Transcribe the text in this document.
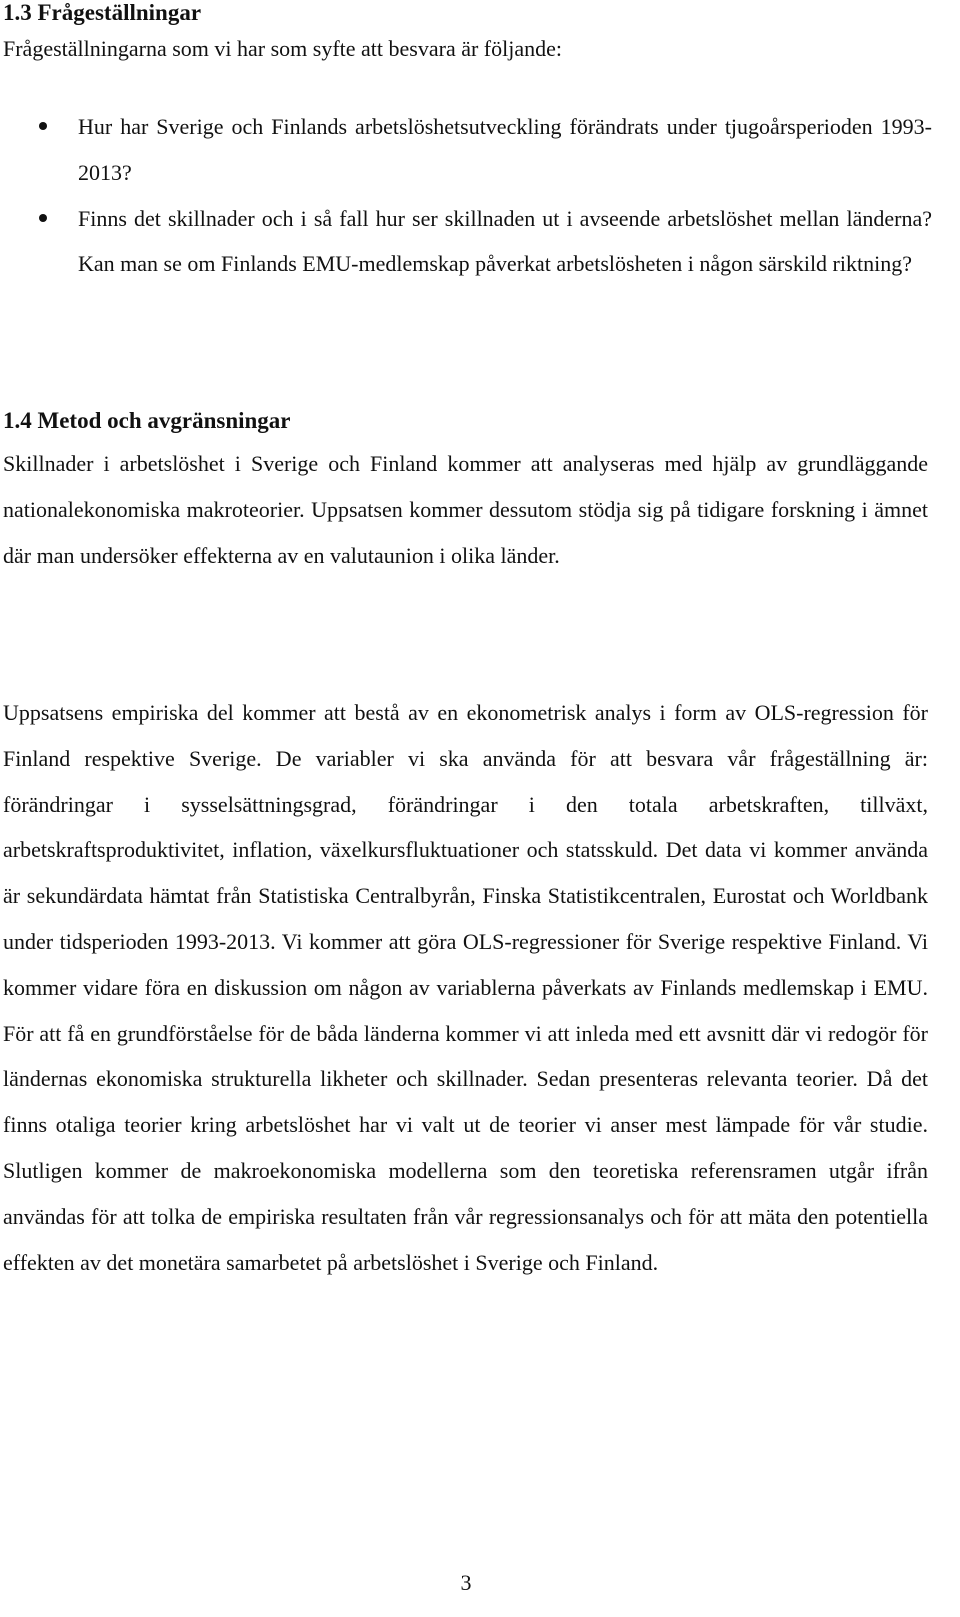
1.3 Frågeställningar

Frågeställningarna som vi har som syfte att besvara är följande:

Hur har Sverige och Finlands arbetslöshetsutveckling förändrats under tjugoårsperioden 1993-2013?
Finns det skillnader och i så fall hur ser skillnaden ut i avseende arbetslöshet mellan länderna? Kan man se om Finlands EMU-medlemskap påverkat arbetslösheten i någon särskild riktning?
1.4 Metod och avgränsningar

Skillnader i arbetslöshet i Sverige och Finland kommer att analyseras med hjälp av grundläggande nationalekonomiska makroteorier. Uppsatsen kommer dessutom stödja sig på tidigare forskning i ämnet där man undersöker effekterna av en valutaunion i olika länder.

Uppsatsens empiriska del kommer att bestå av en ekonometrisk analys i form av OLS-regression för Finland respektive Sverige. De variabler vi ska använda för att besvara vår frågeställning är: förändringar i sysselsättningsgrad, förändringar i den totala arbetskraften, tillväxt, arbetskraftsproduktivitet, inflation, växelkursfluktuationer och statsskuld. Det data vi kommer använda är sekundärdata hämtat från Statistiska Centralbyrån, Finska Statistikcentralen, Eurostat och Worldbank under tidsperioden 1993-2013. Vi kommer att göra OLS-regressioner för Sverige respektive Finland. Vi kommer vidare föra en diskussion om någon av variablerna påverkats av Finlands medlemskap i EMU. För att få en grundförståelse för de båda länderna kommer vi att inleda med ett avsnitt där vi redogör för ländernas ekonomiska strukturella likheter och skillnader. Sedan presenteras relevanta teorier. Då det finns otaliga teorier kring arbetslöshet har vi valt ut de teorier vi anser mest lämpade för vår studie. Slutligen kommer de makroekonomiska modellerna som den teoretiska referensramen utgår ifrån användas för att tolka de empiriska resultaten från vår regressionsanalys och för att mäta den potentiella effekten av det monetära samarbetet på arbetslöshet i Sverige och Finland.

3
